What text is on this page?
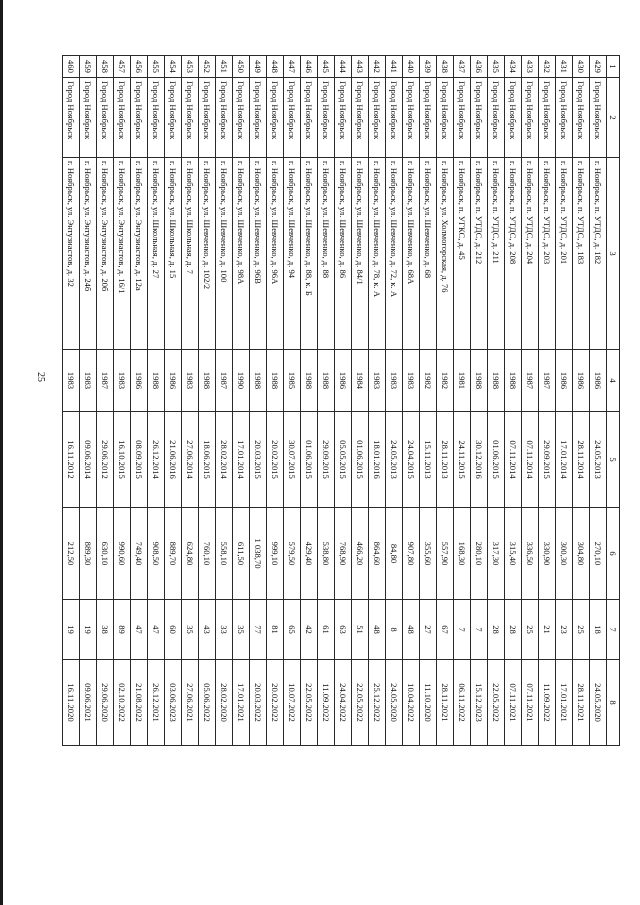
25
1	2	3	4	5	6	7	8
429	Город Ноябрьск	г. Ноябрьск, п. УТДС, д. 182	1986	24.05.2013	270,10	18	24.05.2020
430	Город Ноябрьск	г. Ноябрьск, п. УТДС, д. 183	1986	28.11.2014	304,80	25	28.11.2021
431	Город Ноябрьск	г. Ноябрьск, п. УТДС, д. 201	1986	17.01.2014	300,30	23	17.01.2021
432	Город Ноябрьск	г. Ноябрьск, п. УТДС, д. 203	1987	29.09.2015	330,90	21	11.09.2022
433	Город Ноябрьск	г. Ноябрьск, п. УТДС, д. 204	1987	07.11.2014	336,50	25	07.11.2021
434	Город Ноябрьск	г. Ноябрьск, п. УТДС, д. 208	1988	07.11.2014	315,40	28	07.11.2021
435	Город Ноябрьск	г. Ноябрьск, п. УТДС, д. 211	1988	01.06.2015	317,30	28	22.05.2022
436	Город Ноябрьск	г. Ноябрьск, п. УТДС, д. 212	1988	30.12.2016	280,10	7	15.12.2023
437	Город Ноябрьск	г. Ноябрьск, п. УГКС, д. 45	1981	24.11.2015	168,30	7	06.11.2022
438	Город Ноябрьск	г. Ноябрьск, ул. Холмогорская, д. 76	1982	28.11.2013	557,90	67	28.11.2021
439	Город Ноябрьск	г. Ноябрьск, ул. Шевченко, д. 68	1982	15.11.2013	355,60	27	11.10.2020
440	Город Ноябрьск	г. Ноябрьск, ул. Шевченко, д. 68А	1983	24.04.2015	907,80	48	10.04.2022
441	Город Ноябрьск	г. Ноябрьск, ул. Шевченко, д. 72, к. А	1983	24.05.2013	84,80	8	24.05.2020
442	Город Ноябрьск	г. Ноябрьск, ул. Шевченко, д. 78, к. А	1983	18.01.2016	864,60	48	25.12.2022
443	Город Ноябрьск	г. Ноябрьск, ул. Шевченко, д. 84/1	1984	01.06.2015	466,20	51	22.05.2022
444	Город Ноябрьск	г. Ноябрьск, ул. Шевченко, д. 86	1986	05.05.2015	768,90	63	24.04.2022
445	Город Ноябрьск	г. Ноябрьск, ул. Шевченко, д. 88	1988	29.09.2015	538,80	61	11.09.2022
446	Город Ноябрьск	г. Ноябрьск, ул. Шевченко, д. 88, к. Б	1988	01.06.2015	429,40	42	22.05.2022
447	Город Ноябрьск	г. Ноябрьск, ул. Шевченко, д. 94	1985	30.07.2015	579,50	65	10.07.2022
448	Город Ноябрьск	г. Ноябрьск, ул. Шевченко, д. 96А	1988	20.02.2015	999,10	81	20.02.2022
449	Город Ноябрьск	г. Ноябрьск, ул. Шевченко, д. 96В	1988	20.03.2015	1 038,70	77	20.03.2022
450	Город Ноябрьск	г. Ноябрьск, ул. Шевченко, д. 98А	1990	17.01.2014	611,50	35	17.01.2021
451	Город Ноябрьск	г. Ноябрьск, ул. Шевченко, д. 100	1987	28.02.2014	558,10	33	28.02.2020
452	Город Ноябрьск	г. Ноябрьск, ул. Шевченко, д. 102/2	1988	18.06.2015	760,10	43	05.06.2022
453	Город Ноябрьск	г. Ноябрьск, ул. Школьная, д. 7	1983	27.06.2014	624,80	35	27.06.2021
454	Город Ноябрьск	г. Ноябрьск, ул. Школьная, д. 15	1986	21.06.2016	889,70	60	03.06.2023
455	Город Ноябрьск	г. Ноябрьск, ул. Школьная, д. 27	1988	26.12.2014	908,50	47	26.12.2021
456	Город Ноябрьск	г. Ноябрьск, ул. Энтузиастов, д. 12а	1986	08.09.2015	749,40	47	21.08.2022
457	Город Ноябрьск	г. Ноябрьск, ул. Энтузиастов, д. 16/1	1983	16.10.2015	990,60	89	02.10.2022
458	Город Ноябрьск	г. Ноябрьск, ул. Энтузиастов, д. 20б	1987	29.06.2012	630,10	38	29.06.2020
459	Город Ноябрьск	г. Ноябрьск, ул. Энтузиастов, д. 24б	1983	09.06.2014	889,30	19	09.06.2021
460	Город Ноябрьск	г. Ноябрьск, ул. Энтузиастов, д. 32	1983	16.11.2012	212,50	19	16.11.2020
